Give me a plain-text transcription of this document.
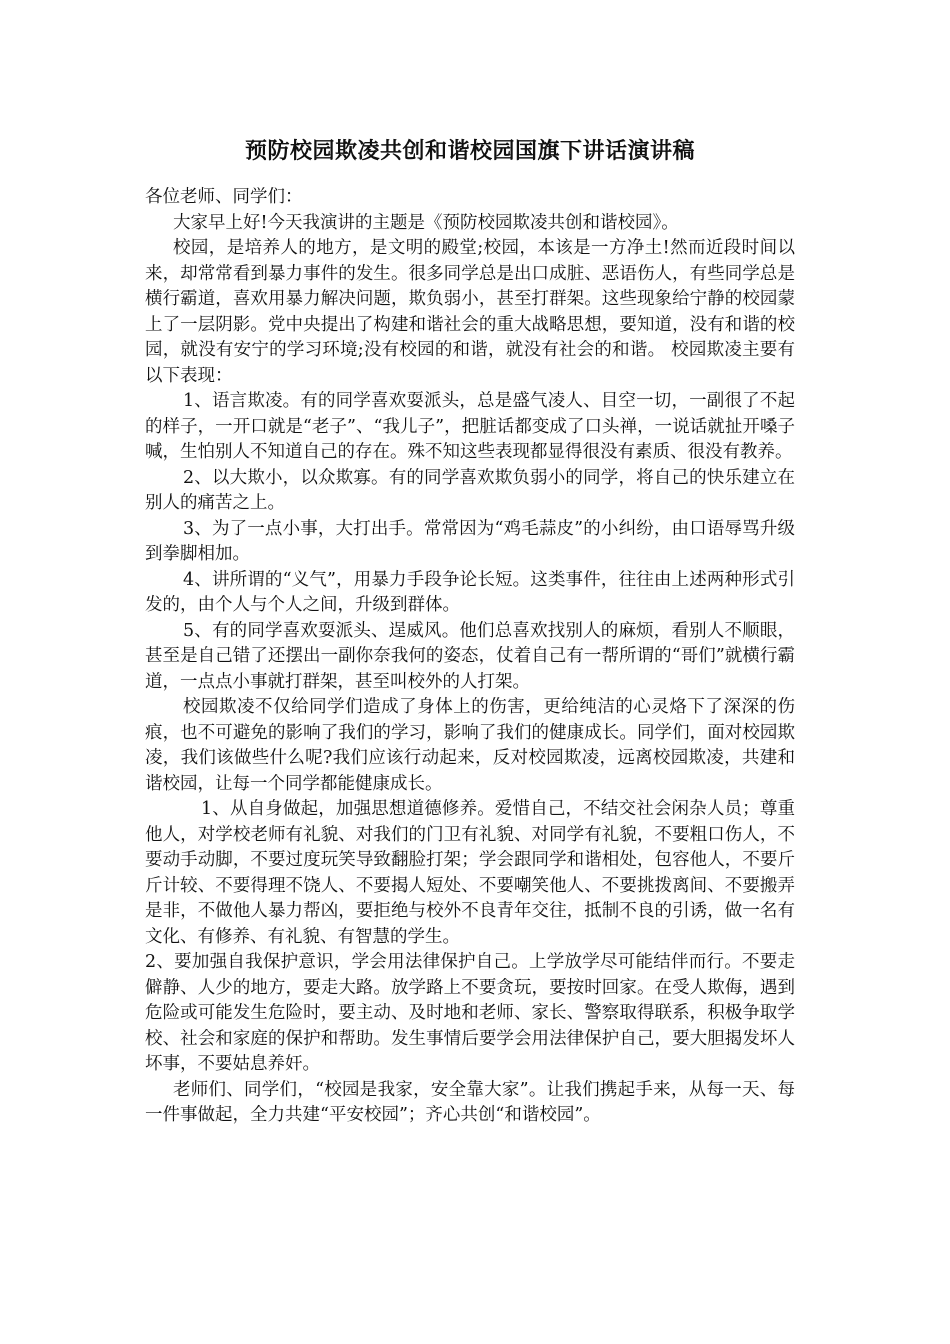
预防校园欺凌共创和谐校园国旗下讲话演讲稿

各位老师、同学们：

大家早上好!今天我演讲的主题是《预防校园欺凌共创和谐校园》。

校园，是培养人的地方，是文明的殿堂;校园，本该是一方净土!然而近段时间以来，却常常看到暴力事件的发生。很多同学总是出口成脏、恶语伤人，有些同学总是横行霸道，喜欢用暴力解决问题，欺负弱小，甚至打群架。这些现象给宁静的校园蒙上了一层阴影。党中央提出了构建和谐社会的重大战略思想，要知道，没有和谐的校园，就没有安宁的学习环境;没有校园的和谐，就没有社会的和谐。 校园欺凌主要有以下表现：

1、语言欺凌。有的同学喜欢耍派头，总是盛气凌人、目空一切，一副很了不起的样子，一开口就是“老子”、“我儿子”，把脏话都变成了口头禅，一说话就扯开嗓子喊，生怕别人不知道自己的存在。殊不知这些表现都显得很没有素质、很没有教养。

2、以大欺小，以众欺寡。有的同学喜欢欺负弱小的同学，将自己的快乐建立在别人的痛苦之上。

3、为了一点小事，大打出手。常常因为“鸡毛蒜皮”的小纠纷，由口语辱骂升级到拳脚相加。

4、讲所谓的“义气”，用暴力手段争论长短。这类事件，往往由上述两种形式引发的，由个人与个人之间，升级到群体。

5、有的同学喜欢耍派头、逞威风。他们总喜欢找别人的麻烦，看别人不顺眼，甚至是自己错了还摆出一副你奈我何的姿态，仗着自己有一帮所谓的“哥们”就横行霸道，一点点小事就打群架，甚至叫校外的人打架。

校园欺凌不仅给同学们造成了身体上的伤害，更给纯洁的心灵烙下了深深的伤痕，也不可避免的影响了我们的学习，影响了我们的健康成长。同学们，面对校园欺凌，我们该做些什么呢?我们应该行动起来，反对校园欺凌，远离校园欺凌，共建和谐校园，让每一个同学都能健康成长。

1、从自身做起，加强思想道德修养。爱惜自己，不结交社会闲杂人员；尊重他人，对学校老师有礼貌、对我们的门卫有礼貌、对同学有礼貌，不要粗口伤人，不要动手动脚，不要过度玩笑导致翻脸打架；学会跟同学和谐相处，包容他人，不要斤斤计较、不要得理不饶人、不要揭人短处、不要嘲笑他人、不要挑拨离间、不要搬弄是非，不做他人暴力帮凶，要拒绝与校外不良青年交往，抵制不良的引诱，做一名有文化、有修养、有礼貌、有智慧的学生。

2、要加强自我保护意识，学会用法律保护自己。上学放学尽可能结伴而行。不要走僻静、人少的地方，要走大路。放学路上不要贪玩，要按时回家。在受人欺侮，遇到危险或可能发生危险时，要主动、及时地和老师、家长、警察取得联系，积极争取学校、社会和家庭的保护和帮助。发生事情后要学会用法律保护自己，要大胆揭发坏人坏事，不要姑息养奸。

老师们、同学们，“校园是我家，安全靠大家”。让我们携起手来，从每一天、每一件事做起，全力共建“平安校园”；齐心共创“和谐校园”。
